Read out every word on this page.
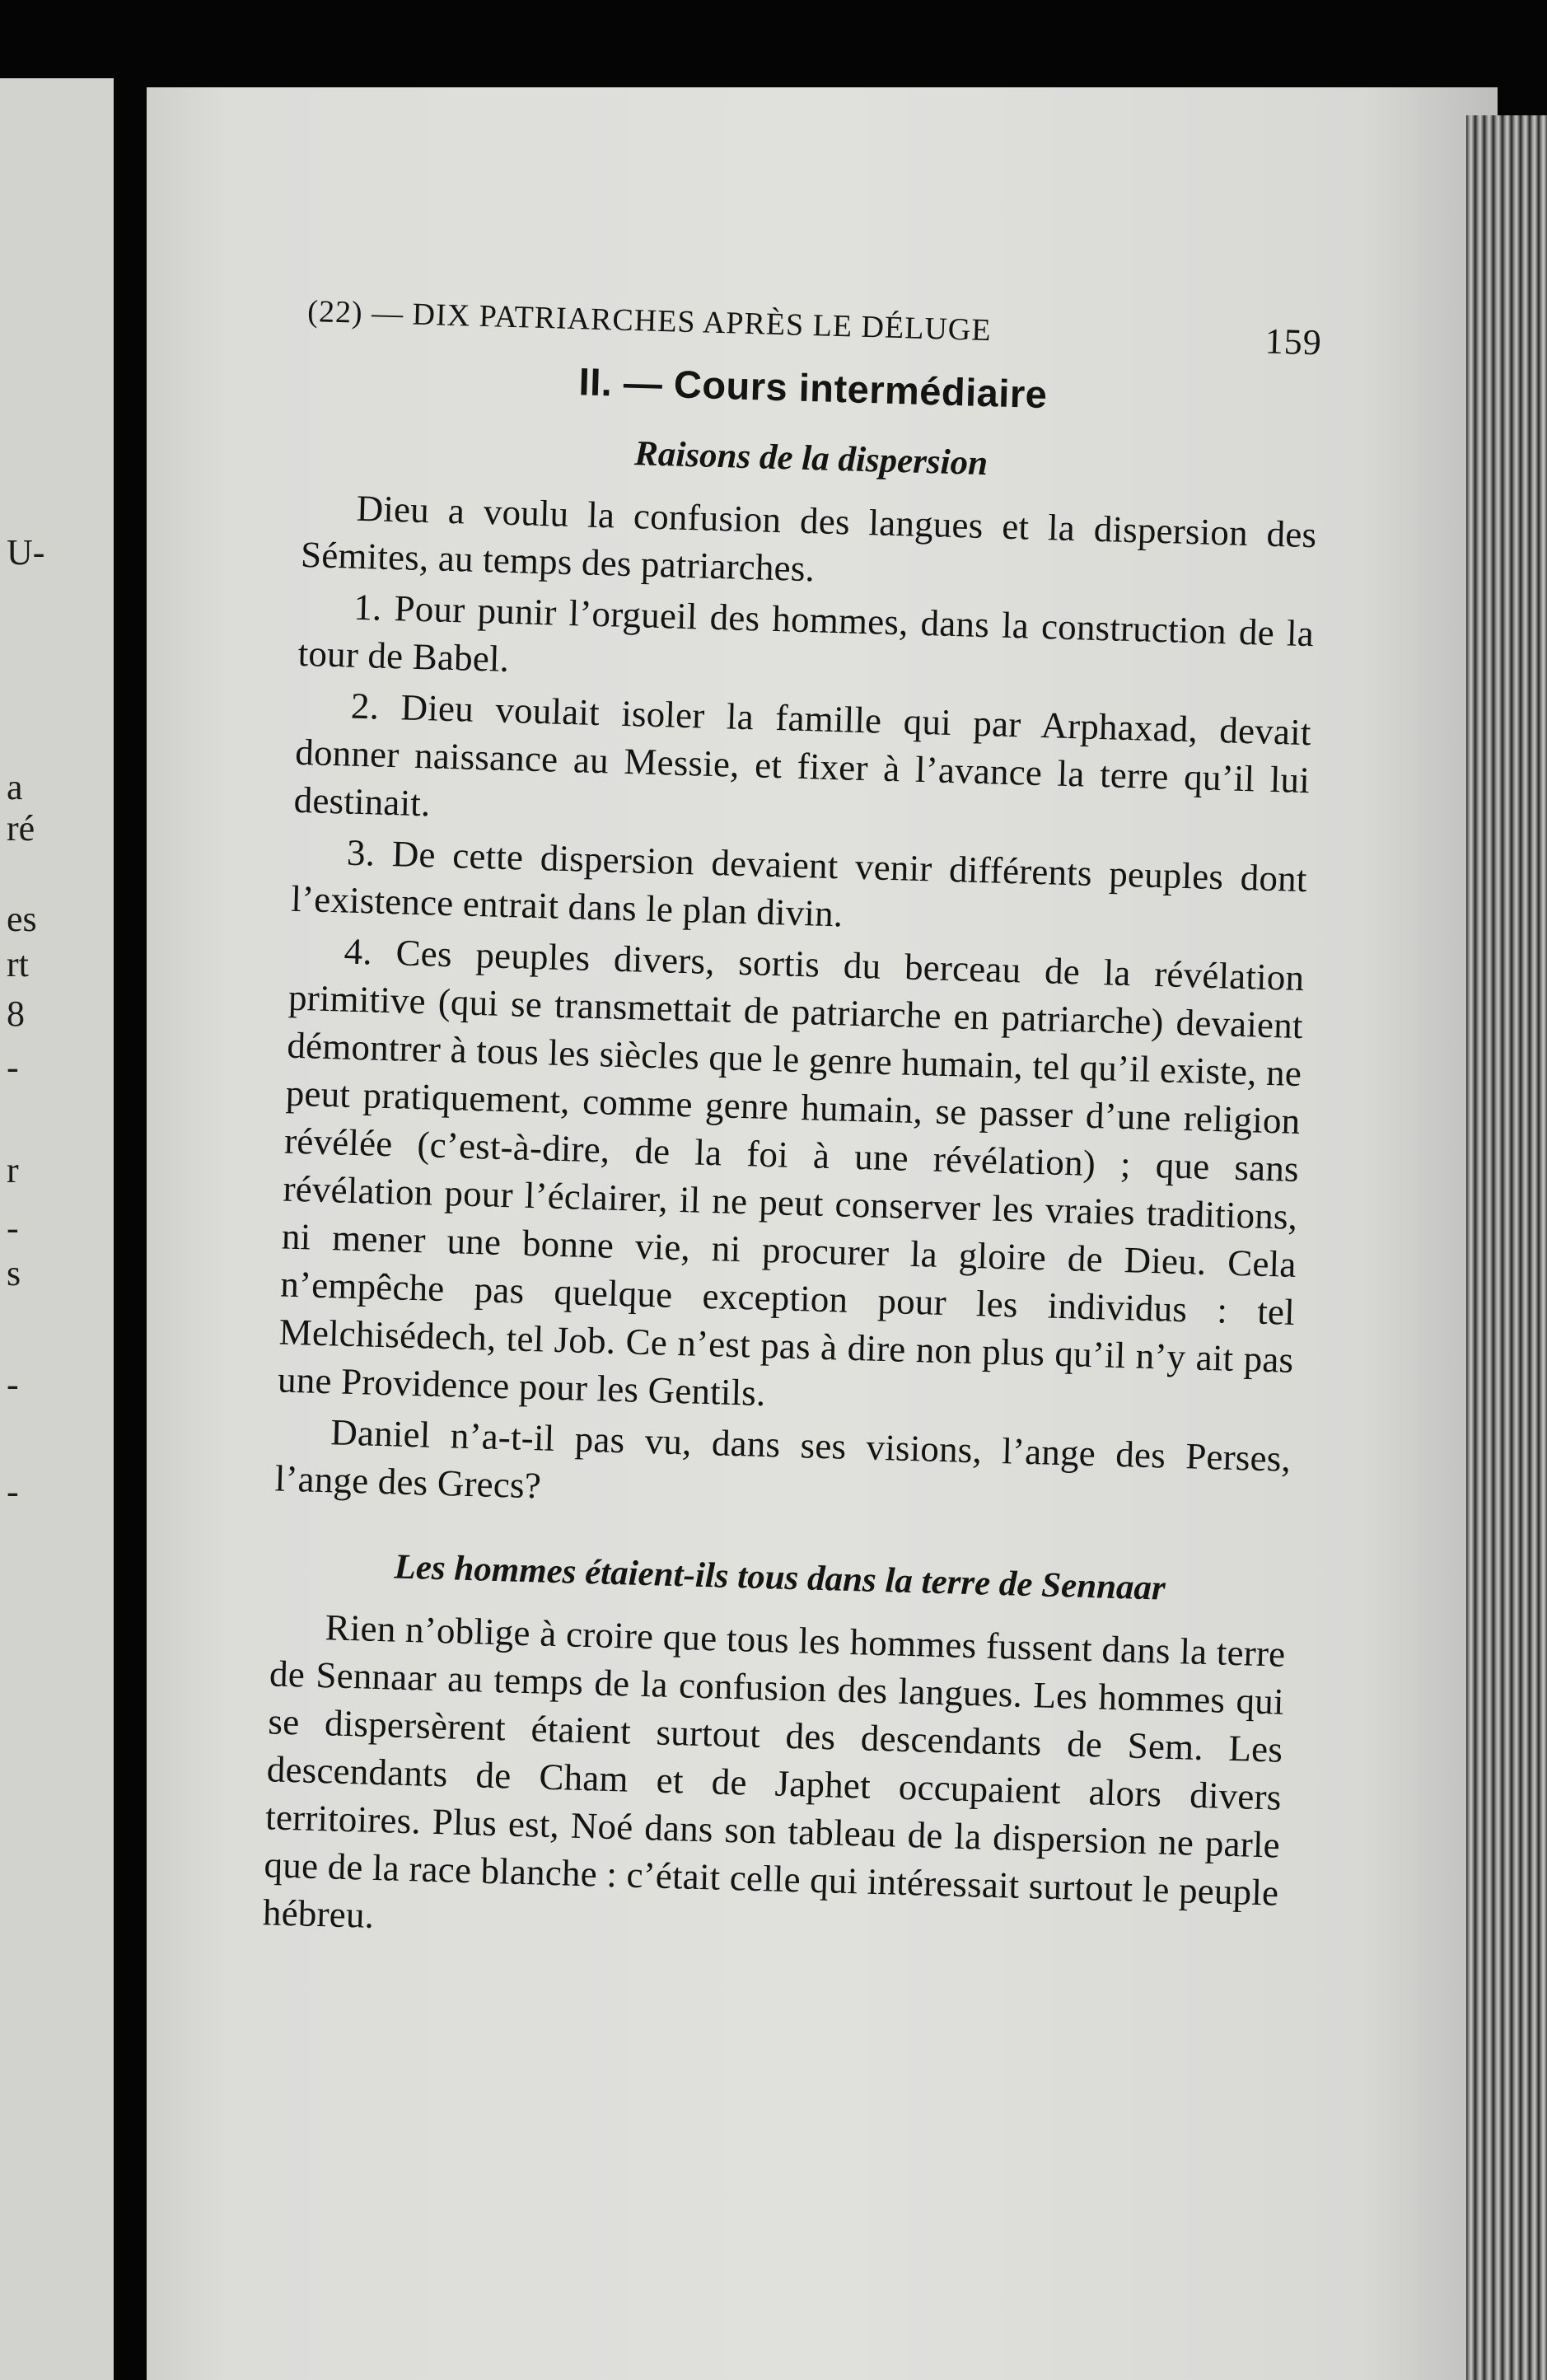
U-
a
ré
es
rt
8
-
r
-
s
-
-
(22) — DIX PATRIARCHES APRÈS LE DÉLUGE	159
II. — Cours intermédiaire
Raisons de la dispersion

Dieu a voulu la confusion des langues et la dispersion des Sémites, au temps des patriarches.

1. Pour punir l’orgueil des hommes, dans la construction de la tour de Babel.

2. Dieu voulait isoler la famille qui par Arphaxad, devait donner naissance au Messie, et fixer à l’avance la terre qu’il lui destinait.

3. De cette dispersion devaient venir différents peuples dont l’existence entrait dans le plan divin.

4. Ces peuples divers, sortis du berceau de la révélation primitive (qui se transmettait de patriarche en patriarche) devaient démontrer à tous les siècles que le genre humain, tel qu’il existe, ne peut pratiquement, comme genre humain, se passer d’une religion révélée (c’est-à-dire, de la foi à une révélation) ; que sans révélation pour l’éclairer, il ne peut conserver les vraies traditions, ni mener une bonne vie, ni procurer la gloire de Dieu. Cela n’empêche pas quelque exception pour les individus : tel Melchisédech, tel Job. Ce n’est pas à dire non plus qu’il n’y ait pas une Providence pour les Gentils.

Daniel n’a-t-il pas vu, dans ses visions, l’ange des Perses, l’ange des Grecs?

Les hommes étaient-ils tous dans la terre de Sennaar

Rien n’oblige à croire que tous les hommes fussent dans la terre de Sennaar au temps de la confusion des langues. Les hommes qui se dispersèrent étaient surtout des descendants de Sem. Les descendants de Cham et de Japhet occupaient alors divers territoires. Plus est, Noé dans son tableau de la dispersion ne parle que de la race blanche : c’était celle qui intéressait surtout le peuple hébreu.
